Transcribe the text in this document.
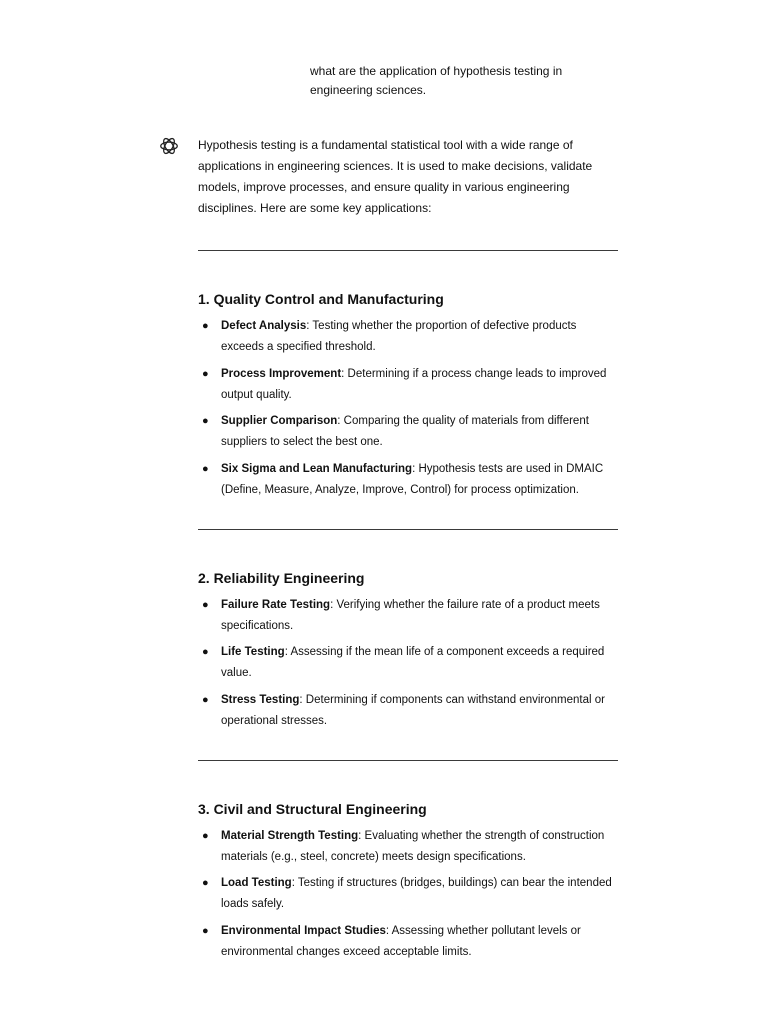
what are the application of hypothesis testing in engineering sciences.

Hypothesis testing is a fundamental statistical tool with a wide range of applications in engineering sciences. It is used to make decisions, validate models, improve processes, and ensure quality in various engineering disciplines. Here are some key applications:

1. Quality Control and Manufacturing
● Defect Analysis: Testing whether the proportion of defective products exceeds a specified threshold.
● Process Improvement: Determining if a process change leads to improved output quality.
● Supplier Comparison: Comparing the quality of materials from different suppliers to select the best one.
● Six Sigma and Lean Manufacturing: Hypothesis tests are used in DMAIC (Define, Measure, Analyze, Improve, Control) for process optimization.
2. Reliability Engineering
● Failure Rate Testing: Verifying whether the failure rate of a product meets specifications.
● Life Testing: Assessing if the mean life of a component exceeds a required value.
● Stress Testing: Determining if components can withstand environmental or operational stresses.
3. Civil and Structural Engineering
● Material Strength Testing: Evaluating whether the strength of construction materials (e.g., steel, concrete) meets design specifications.
● Load Testing: Testing if structures (bridges, buildings) can bear the intended loads safely.
● Environmental Impact Studies: Assessing whether pollutant levels or environmental changes exceed acceptable limits.
